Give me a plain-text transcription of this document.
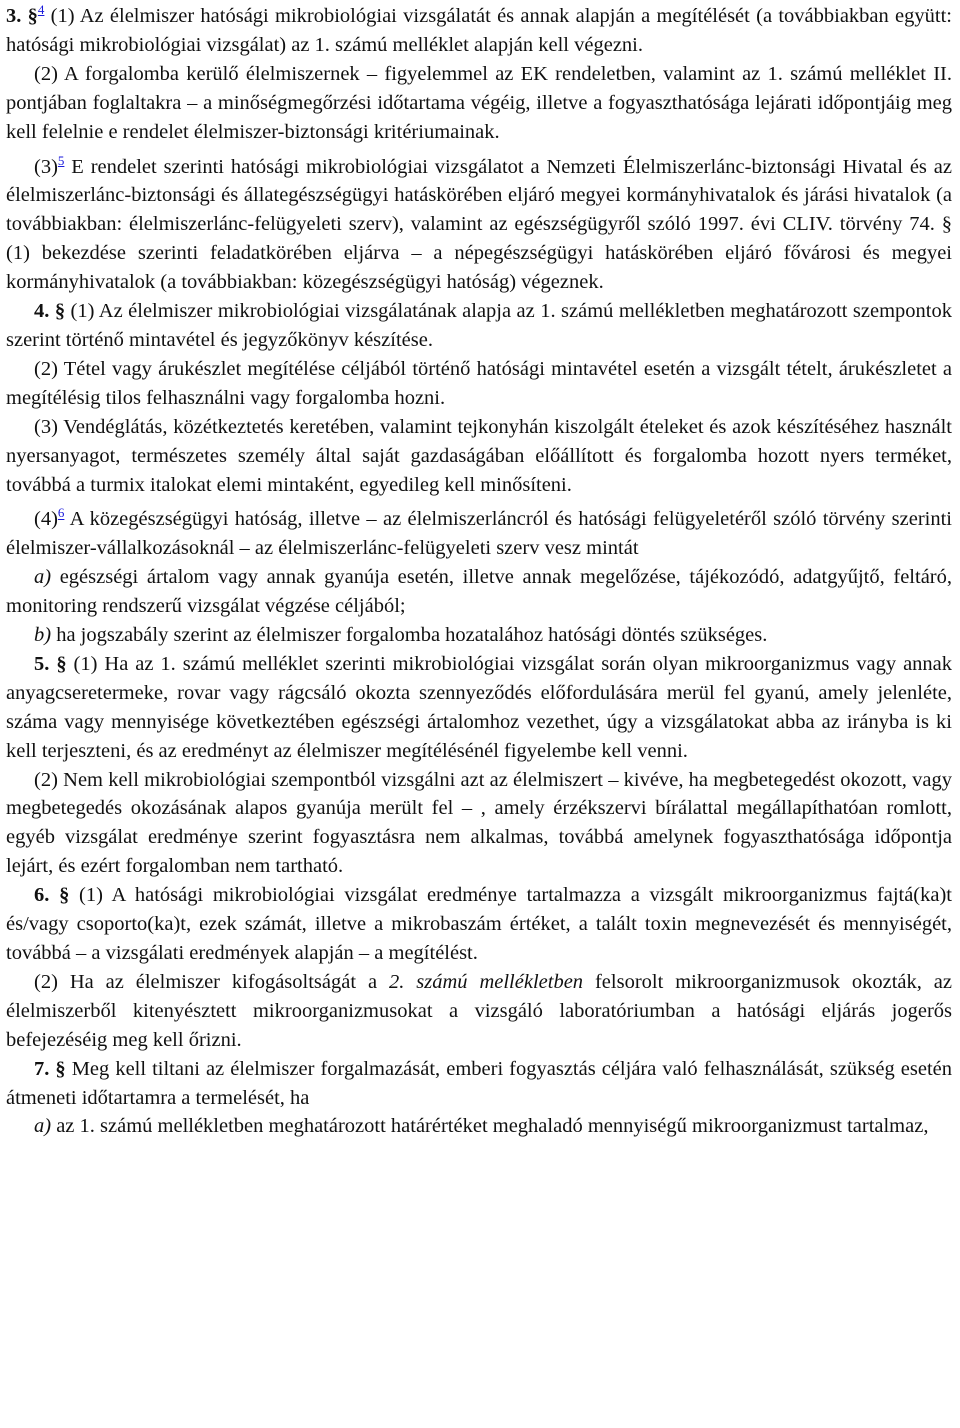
3. §$^4$ (1) Az élelmiszer hatósági mikrobiológiai vizsgálatát és annak alapján a megítélését (a továbbiakban együtt: hatósági mikrobiológiai vizsgálat) az 1. számú melléklet alapján kell végezni.

(2) A forgalomba kerülő élelmiszernek – figyelemmel az EK rendeletben, valamint az 1. számú melléklet II. pontjában foglaltakra – a minőségmegőrzési időtartama végéig, illetve a fogyaszthatósága lejárati időpontjáig meg kell felelnie e rendelet élelmiszer-biztonsági kritériumainak.

(3)$^5$ E rendelet szerinti hatósági mikrobiológiai vizsgálatot a Nemzeti Élelmiszerlánc-biztonsági Hivatal és az élelmiszerlánc-biztonsági és állategészségügyi hatáskörében eljáró megyei kormányhivatalok és járási hivatalok (a továbbiakban: élelmiszerlánc-felügyeleti szerv), valamint az egészségügyről szóló 1997. évi CLIV. törvény 74. § (1) bekezdése szerinti feladatkörében eljárva – a népegészségügyi hatáskörében eljáró fővárosi és megyei kormányhivatalok (a továbbiakban: közegészségügyi hatóság) végeznek.

4. § (1) Az élelmiszer mikrobiológiai vizsgálatának alapja az 1. számú mellékletben meghatározott szempontok szerint történő mintavétel és jegyzőkönyv készítése.

(2) Tétel vagy árukészlet megítélése céljából történő hatósági mintavétel esetén a vizsgált tételt, árukészletet a megítélésig tilos felhasználni vagy forgalomba hozni.

(3) Vendéglátás, közétkeztetés keretében, valamint tejkonyhán kiszolgált ételeket és azok készítéséhez használt nyersanyagot, természetes személy által saját gazdaságában előállított és forgalomba hozott nyers terméket, továbbá a turmix italokat elemi mintaként, egyedileg kell minősíteni.

(4)$^6$ A közegészségügyi hatóság, illetve – az élelmiszerláncról és hatósági felügyeletéről szóló törvény szerinti élelmiszer-vállalkozásoknál – az élelmiszerlánc-felügyeleti szerv vesz mintát

a) egészségi ártalom vagy annak gyanúja esetén, illetve annak megelőzése, tájékozódó, adatgyűjtő, feltáró, monitoring rendszerű vizsgálat végzése céljából;

b) ha jogszabály szerint az élelmiszer forgalomba hozatalához hatósági döntés szükséges.

5. § (1) Ha az 1. számú melléklet szerinti mikrobiológiai vizsgálat során olyan mikroorganizmus vagy annak anyagcseretermeke, rovar vagy rágcsáló okozta szennyeződés előfordulására merül fel gyanú, amely jelenléte, száma vagy mennyisége következtében egészségi ártalomhoz vezethet, úgy a vizsgálatokat abba az irányba is ki kell terjeszteni, és az eredményt az élelmiszer megítélésénél figyelembe kell venni.

(2) Nem kell mikrobiológiai szempontból vizsgálni azt az élelmiszert – kivéve, ha megbetegedést okozott, vagy megbetegedés okozásának alapos gyanúja merült fel – , amely érzékszervi bírálattal megállapíthatóan romlott, egyéb vizsgálat eredménye szerint fogyasztásra nem alkalmas, továbbá amelynek fogyaszthatósága időpontja lejárt, és ezért forgalomban nem tartható.

6. § (1) A hatósági mikrobiológiai vizsgálat eredménye tartalmazza a vizsgált mikroorganizmus fajtá(ka)t és/vagy csoporto(ka)t, ezek számát, illetve a mikrobaszám értéket, a talált toxin megnevezését és mennyiségét, továbbá – a vizsgálati eredmények alapján – a megítélést.

(2) Ha az élelmiszer kifogásoltságát a 2. számú mellékletben felsorolt mikroorganizmusok okozták, az élelmiszerből kitenyésztett mikroorganizmusokat a vizsgáló laboratóriumban a hatósági eljárás jogerős befejezéséig meg kell őrizni.

7. § Meg kell tiltani az élelmiszer forgalmazását, emberi fogyasztás céljára való felhasználását, szükség esetén átmeneti időtartamra a termelését, ha

a) az 1. számú mellékletben meghatározott határértéket meghaladó mennyiségű mikroorganizmust tartalmaz,
